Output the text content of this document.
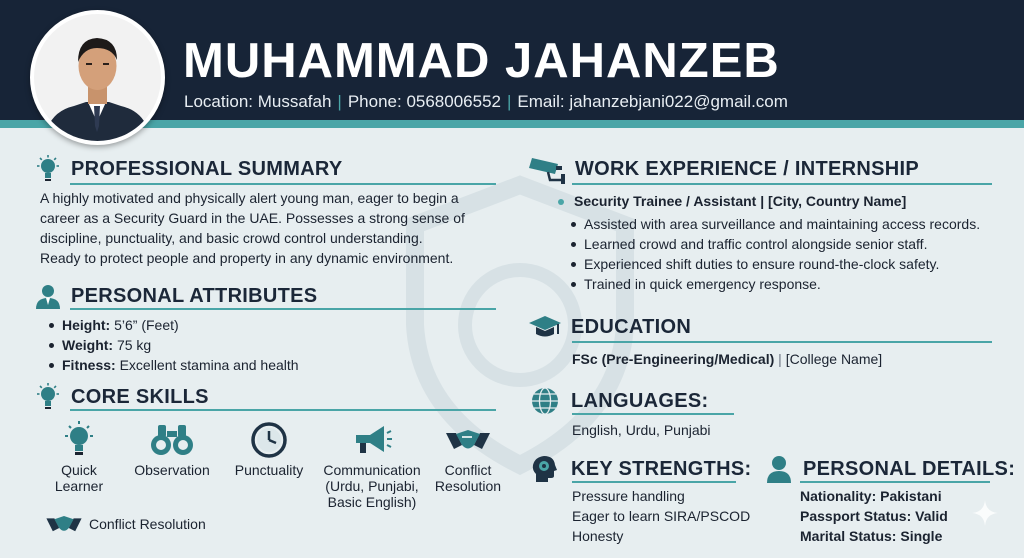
MUHAMMAD JAHANZEB
Location: Mussafah | Phone: 0568006552 | Email: jahanzebjani022@gmail.com
PROFESSIONAL SUMMARY
A highly motivated and physically alert young man, eager to begin a
career as a Security Guard in the UAE. Possesses a strong sense of
discipline, punctuality, and basic crowd control understanding.
Ready to protect people and property in any dynamic environment.
PERSONAL ATTRIBUTES
Height: 5’6” (Feet)
Weight: 75 kg
Fitness: Excellent stamina and health
CORE SKILLS
Quick Learner
Observation	Punctuality	Communication (Urdu, Punjabi, Basic English)
Conflict Resolution
Conflict Resolution
WORK EXPERIENCE / INTERNSHIP
Security Trainee / Assistant | [City, Country Name]
Assisted with area surveillance and maintaining access records.
Learned crowd and traffic control alongside senior staff.
Experienced shift duties to ensure round-the-clock safety.
Trained in quick emergency response.
EDUCATION
FSc (Pre-Engineering/Medical) | [College Name]
LANGUAGES:
English, Urdu, Punjabi
KEY STRENGTHS:
Pressure handling
Eager to learn SIRA/PSCOD
Honesty
PERSONAL DETAILS:
Nationality: Pakistani
Passport Status: Valid
Marital Status: Single
